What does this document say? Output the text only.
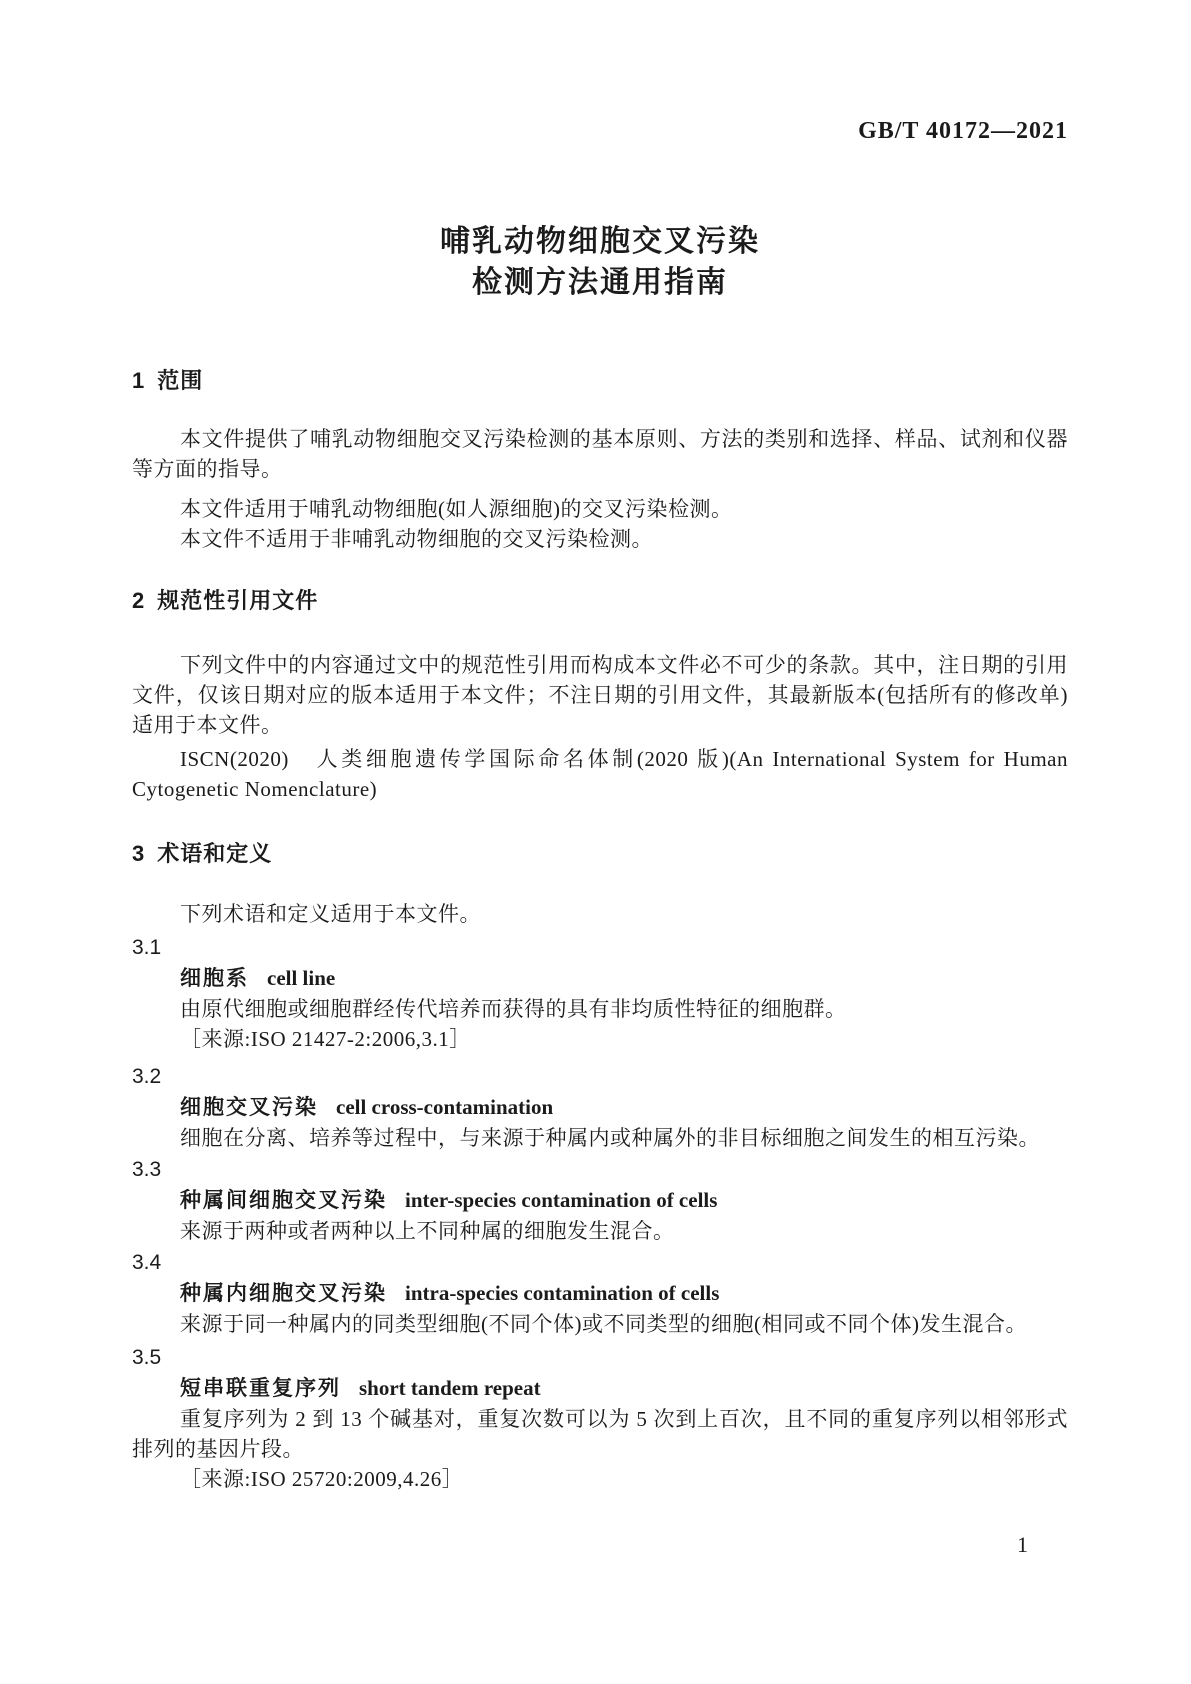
GB/T 40172—2021
哺乳动物细胞交叉污染
检测方法通用指南
1 范围

本文件提供了哺乳动物细胞交叉污染检测的基本原则、方法的类别和选择、样品、试剂和仪器等方面的指导。

本文件适用于哺乳动物细胞(如人源细胞)的交叉污染检测。

本文件不适用于非哺乳动物细胞的交叉污染检测。

2 规范性引用文件

下列文件中的内容通过文中的规范性引用而构成本文件必不可少的条款。其中，注日期的引用文件，仅该日期对应的版本适用于本文件；不注日期的引用文件，其最新版本(包括所有的修改单)适用于本文件。

ISCN(2020)　人类细胞遗传学国际命名体制(2020 版)(An International System for Human Cytogenetic Nomenclature)

3 术语和定义

下列术语和定义适用于本文件。

3.1
细胞系 cell line
由原代细胞或细胞群经传代培养而获得的具有非均质性特征的细胞群。
［来源:ISO 21427-2:2006,3.1］
3.2
细胞交叉污染 cell cross-contamination
细胞在分离、培养等过程中，与来源于种属内或种属外的非目标细胞之间发生的相互污染。
3.3
种属间细胞交叉污染 inter-species contamination of cells
来源于两种或者两种以上不同种属的细胞发生混合。
3.4
种属内细胞交叉污染 intra-species contamination of cells
来源于同一种属内的同类型细胞(不同个体)或不同类型的细胞(相同或不同个体)发生混合。
3.5
短串联重复序列 short tandem repeat
重复序列为 2 到 13 个碱基对，重复次数可以为 5 次到上百次，且不同的重复序列以相邻形式排列的基因片段。
［来源:ISO 25720:2009,4.26］
1
